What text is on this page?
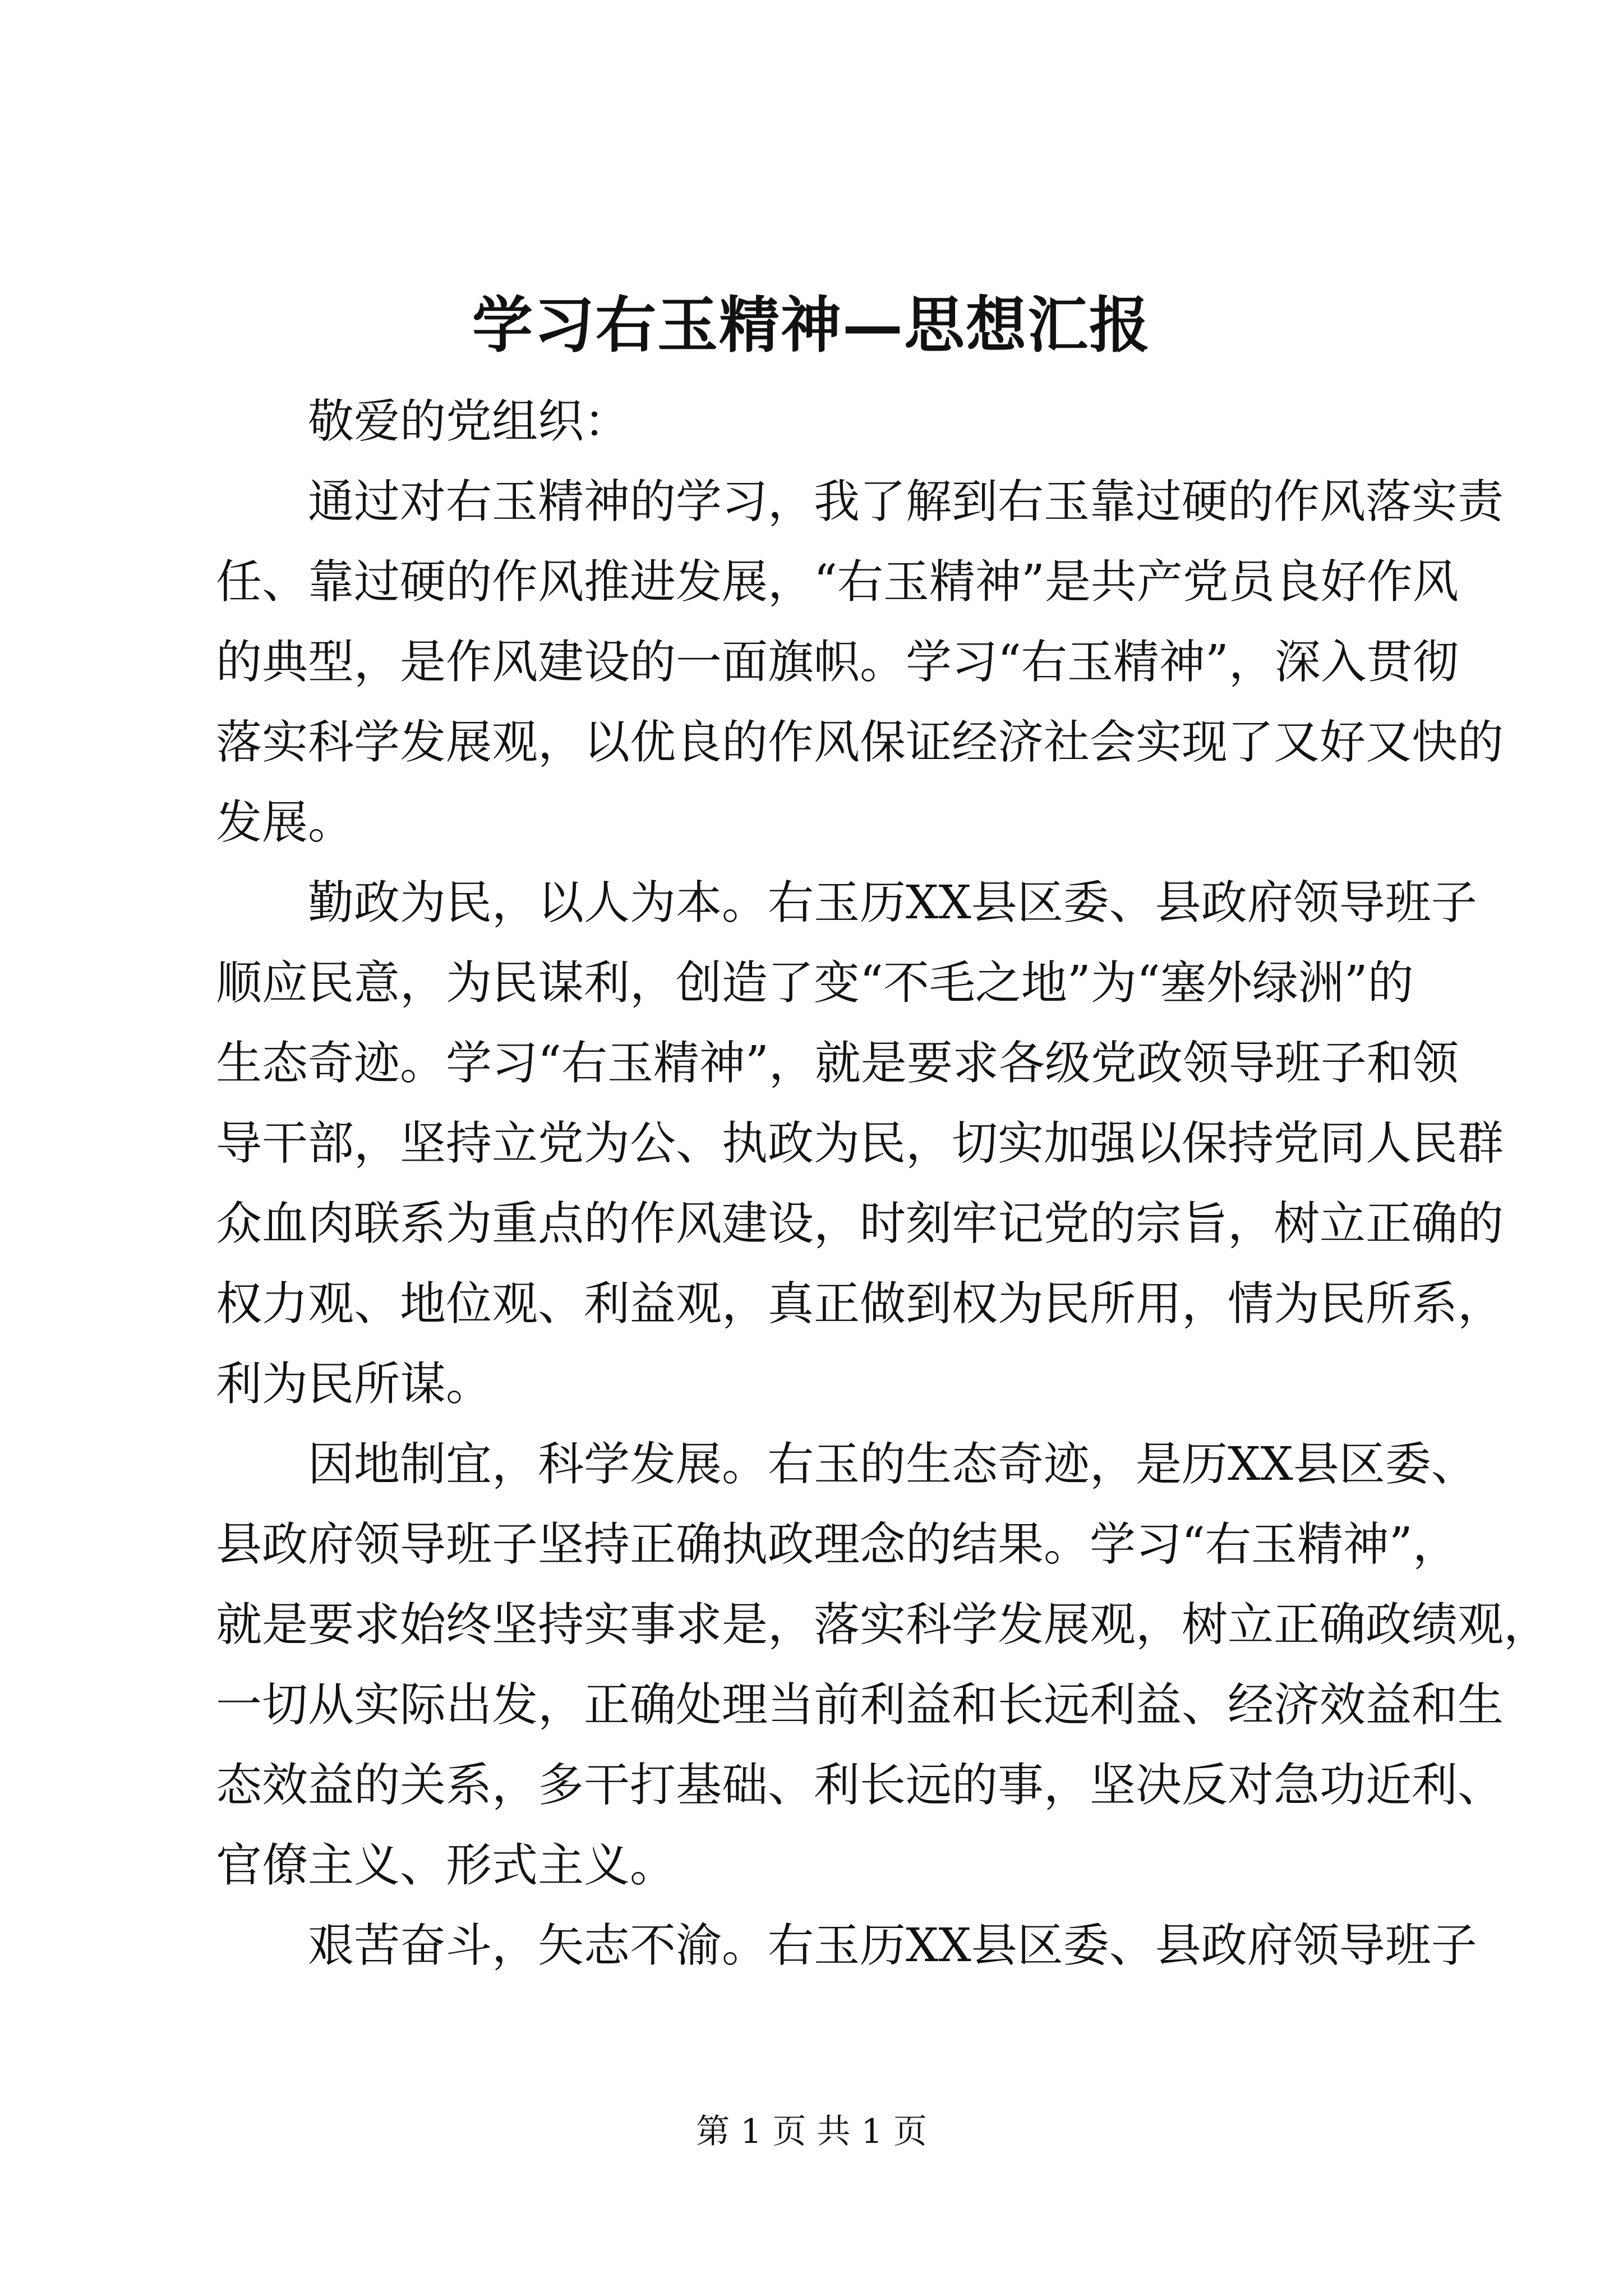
学习右玉精神—思想汇报
敬爱的党组织：
通过对右玉精神的学习，我了解到右玉靠过硬的作风落实责
任、靠过硬的作风推进发展，“右玉精神”是共产党员良好作风
的典型，是作风建设的一面旗帜。学习“右玉精神”，深入贯彻
落实科学发展观，以优良的作风保证经济社会实现了又好又快的
发展。
勤政为民，以人为本。右玉历XX县区委、县政府领导班子
顺应民意，为民谋利，创造了变“不毛之地”为“塞外绿洲”的
生态奇迹。学习“右玉精神”，就是要求各级党政领导班子和领
导干部，坚持立党为公、执政为民，切实加强以保持党同人民群
众血肉联系为重点的作风建设，时刻牢记党的宗旨，树立正确的
权力观、地位观、利益观，真正做到权为民所用，情为民所系，
利为民所谋。
因地制宜，科学发展。右玉的生态奇迹，是历XX县区委、
县政府领导班子坚持正确执政理念的结果。学习“右玉精神”，
就是要求始终坚持实事求是，落实科学发展观，树立正确政绩观，
一切从实际出发，正确处理当前利益和长远利益、经济效益和生
态效益的关系，多干打基础、利长远的事，坚决反对急功近利、
官僚主义、形式主义。
艰苦奋斗，矢志不渝。右玉历XX县区委、县政府领导班子
第 1 页 共 1 页
